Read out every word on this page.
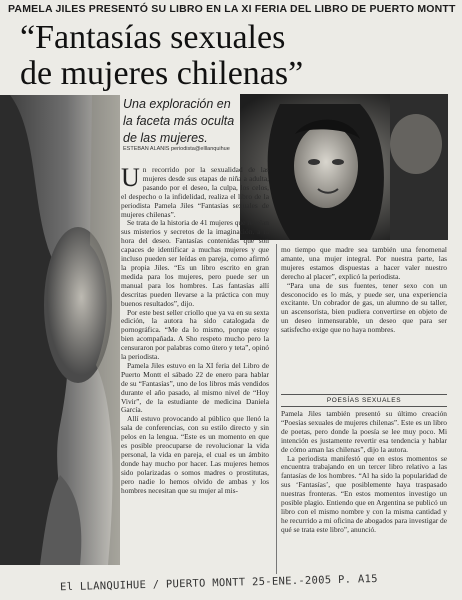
PAMELA JILES PRESENTÓ SU LIBRO EN LA XI FERIA DEL LIBRO DE PUERTO MONTT
“Fantasías sexuales
de mujeres chilenas”
Una exploración en la faceta más oculta de las mujeres.
ESTEBAN ALANIS periodista@elllanquihue

Un recorrido por la sexualidad de las mujeres desde sus etapas de niña a adulta, pasando por el deseo, la culpa, los celos, el despecho o la infidelidad, realiza el libro de la periodista Pamela Jiles “Fantasías sexuales de mujeres chilenas”.

Se trata de la historia de 41 mujeres que revelan sus misterios y secretos de la imaginación, a la hora del deseo. Fantasías contenidas que son capaces de identificar a muchas mujeres y que incluso pueden ser leídas en pareja, como afirmó la propia Jiles. “Es un libro escrito en gran medida para los mujeres, pero puede ser un manual para los hombres. Las fantasías allí descritas pueden llevarse a la práctica con muy buenos resultados”, dijo.

Por este best seller criollo que ya va en su sexta edición, la autora ha sido catalogada de pornográfica. “Me da lo mismo, porque estoy bien acompañada. A Sho respeto mucho pero la censuraron por palabras como útero y teta”, opinó la periodista.

Pamela Jiles estuvo en la XI feria del Libro de Puerto Montt el sábado 22 de enero para hablar de su “Fantasías”, uno de los libros más vendidos durante el año pasado, al mismo nivel de “Hoy Vivir”, de la estudiante de medicina Daniela García.

Allí estuvo provocando al público que llenó la sala de conferencias, con su estilo directo y sin pelos en la lengua. “Este es un momento en que es posible preocuparse de revolucionar la vida personal, la vida en pareja, el cual es un ámbito donde hay mucho por hacer. Las mujeres hemos sido polarizadas o somos madres o prostitutas, pero nadie lo hemos olvido de ambas y los hombres necesitan que su mujer al mis-

mo tiempo que madre sea también una fenomenal amante, una mujer integral. Por nuestra parte, las mujeres estamos dispuestas a hacer valer nuestro derecho al placer”, explicó la periodista.

“Para una de sus fuentes, tener sexo con un desconocido es lo más, y puede ser, una experiencia excitante. Un cobrador de gas, un alumno de su taller, un ascensorista, bien pudiera convertirse en objeto de un deseo inmensurable, un deseo que para ser satisfecho exige que no haya nombres.

POESÍAS SEXUALES

Pamela Jiles también presentó su último creación “Poesías sexuales de mujeres chilenas”. Este es un libro de poetas, pero donde la poesía se lee muy poco. Mi intención es justamente revertir esa tendencia y hablar de cómo aman las chilenas”, dijo la autora.

La periodista manifestó que en estos momentos se encuentra trabajando en un tercer libro relativo a las fantasías de los hombres. “Al ha sido la popularidad de sus ‘Fantasías’, que posiblemente haya traspasado nuestras fronteras. “En estos momentos investigo un posible plagio. Entiendo que en Argentina se publicó un libro con el mismo nombre y con la misma cantidad y he recurrido a mi oficina de abogados para investigar de qué se trata este libro”, anunció.

El LLANQUIHUE / PUERTO MONTT 25-ENE.-2005 P. A15
